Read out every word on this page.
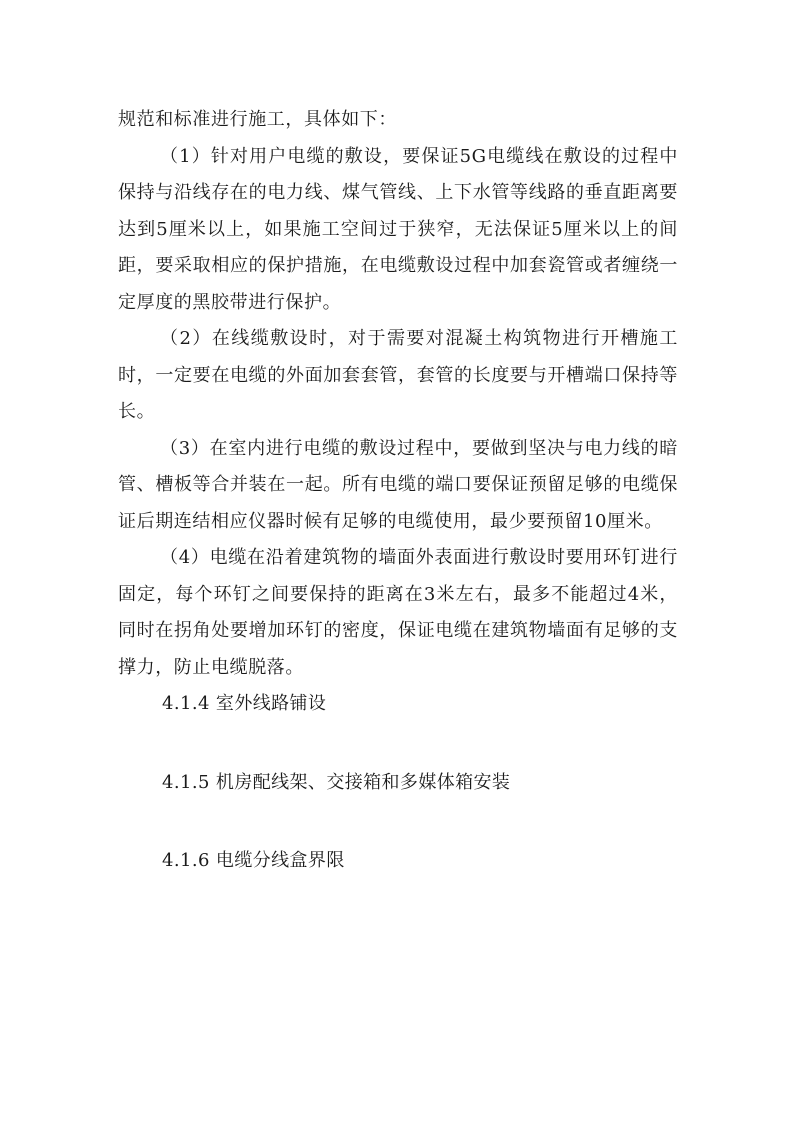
规范和标准进行施工，具体如下：

（1）针对用户电缆的敷设，要保证5G电缆线在敷设的过程中保持与沿线存在的电力线、煤气管线、上下水管等线路的垂直距离要达到5厘米以上，如果施工空间过于狭窄，无法保证5厘米以上的间距，要采取相应的保护措施，在电缆敷设过程中加套瓷管或者缠绕一定厚度的黑胶带进行保护。

（2）在线缆敷设时，对于需要对混凝土构筑物进行开槽施工时，一定要在电缆的外面加套套管，套管的长度要与开槽端口保持等长。

（3）在室内进行电缆的敷设过程中，要做到坚决与电力线的暗管、槽板等合并装在一起。所有电缆的端口要保证预留足够的电缆保证后期连结相应仪器时候有足够的电缆使用，最少要预留10厘米。

（4）电缆在沿着建筑物的墙面外表面进行敷设时要用环钉进行固定，每个环钉之间要保持的距离在3米左右，最多不能超过4米，同时在拐角处要增加环钉的密度，保证电缆在建筑物墙面有足够的支撑力，防止电缆脱落。

4.1.4 室外线路铺设

4.1.5 机房配线架、交接箱和多媒体箱安装

4.1.6 电缆分线盒界限
